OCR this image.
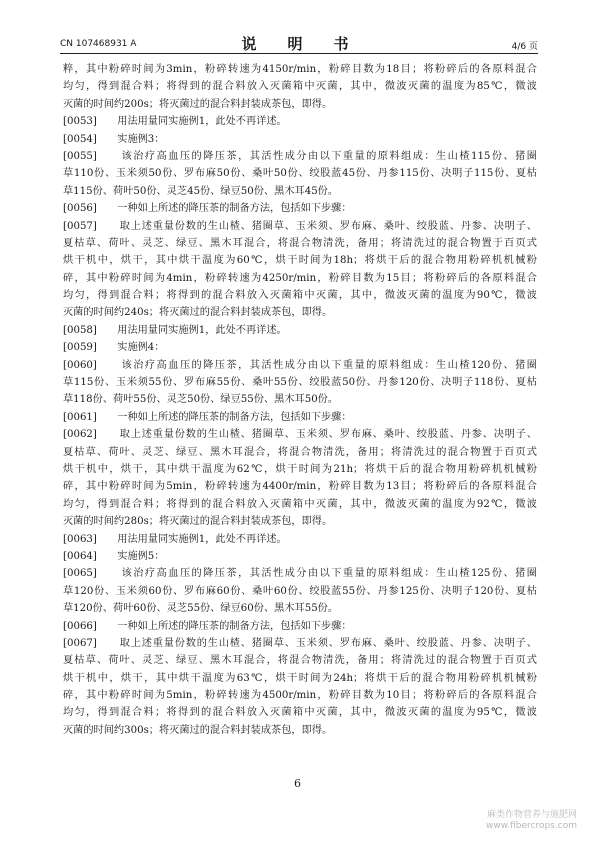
CN 107468931 A	说　明　书	4/6 页
粹，其中粉碎时间为3min，粉碎转速为4150r/min，粉碎目数为18目；将粉碎后的各原料混合
均匀，得到混合料；将得到的混合料放入灭菌箱中灭菌，其中，微波灭菌的温度为85℃，微波
灭菌的时间约200s；将灭菌过的混合料封装成茶包，即得。
[0053]　　用法用量同实施例1，此处不再详述。
[0054]　　实施例3：
[0055]　　该治疗高血压的降压茶，其活性成分由以下重量的原料组成：生山楂115份、猪圈
草110份、玉米须50份、罗布麻50份、桑叶50份、绞股蓝45份、丹参115份、决明子115份、夏枯
草115份、荷叶50份、灵芝45份、绿豆50份、黑木耳45份。
[0056]　　一种如上所述的降压茶的制备方法，包括如下步骤：
[0057]　　取上述重量份数的生山楂、猪圈草、玉米须、罗布麻、桑叶、绞股蓝、丹参、决明子、
夏枯草、荷叶、灵芝、绿豆、黑木耳混合，将混合物清洗，备用；将清洗过的混合物置于百页式
烘干机中，烘干，其中烘干温度为60℃，烘干时间为18h；将烘干后的混合物用粉碎机机械粉
碎，其中粉碎时间为4min，粉碎转速为4250r/min，粉碎目数为15目；将粉碎后的各原料混合
均匀，得到混合料；将得到的混合料放入灭菌箱中灭菌，其中，微波灭菌的温度为90℃，微波
灭菌的时间约240s；将灭菌过的混合料封装成茶包，即得。
[0058]　　用法用量同实施例1，此处不再详述。
[0059]　　实施例4：
[0060]　　该治疗高血压的降压茶，其活性成分由以下重量的原料组成：生山楂120份、猪圈
草115份、玉米须55份、罗布麻55份、桑叶55份、绞股蓝50份、丹参120份、决明子118份、夏枯
草118份、荷叶55份、灵芝50份、绿豆55份、黑木耳50份。
[0061]　　一种如上所述的降压茶的制备方法，包括如下步骤：
[0062]　　取上述重量份数的生山楂、猪圈草、玉米须、罗布麻、桑叶、绞股蓝、丹参、决明子、
夏枯草、荷叶、灵芝、绿豆、黑木耳混合，将混合物清洗，备用；将清洗过的混合物置于百页式
烘干机中，烘干，其中烘干温度为62℃，烘干时间为21h；将烘干后的混合物用粉碎机机械粉
碎，其中粉碎时间为5min，粉碎转速为4400r/min，粉碎目数为13目；将粉碎后的各原料混合
均匀，得到混合料；将得到的混合料放入灭菌箱中灭菌，其中，微波灭菌的温度为92℃，微波
灭菌的时间约280s；将灭菌过的混合料封装成茶包，即得。
[0063]　　用法用量同实施例1，此处不再详述。
[0064]　　实施例5：
[0065]　　该治疗高血压的降压茶，其活性成分由以下重量的原料组成：生山楂125份、猪圈
草120份、玉米须60份、罗布麻60份、桑叶60份、绞股蓝55份、丹参125份、决明子120份、夏枯
草120份、荷叶60份、灵芝55份、绿豆60份、黑木耳55份。
[0066]　　一种如上所述的降压茶的制备方法，包括如下步骤：
[0067]　　取上述重量份数的生山楂、猪圈草、玉米须、罗布麻、桑叶、绞股蓝、丹参、决明子、
夏枯草、荷叶、灵芝、绿豆、黑木耳混合，将混合物清洗，备用；将清洗过的混合物置于百页式
烘干机中，烘干，其中烘干温度为63℃，烘干时间为24h；将烘干后的混合物用粉碎机机械粉
碎，其中粉碎时间为5min，粉碎转速为4500r/min，粉碎目数为10目；将粉碎后的各原料混合
均匀，得到混合料；将得到的混合料放入灭菌箱中灭菌，其中，微波灭菌的温度为95℃，微波
灭菌的时间约300s；将灭菌过的混合料封装成茶包，即得。
6
麻类作物营养与施肥网
www.fibercrops.com
